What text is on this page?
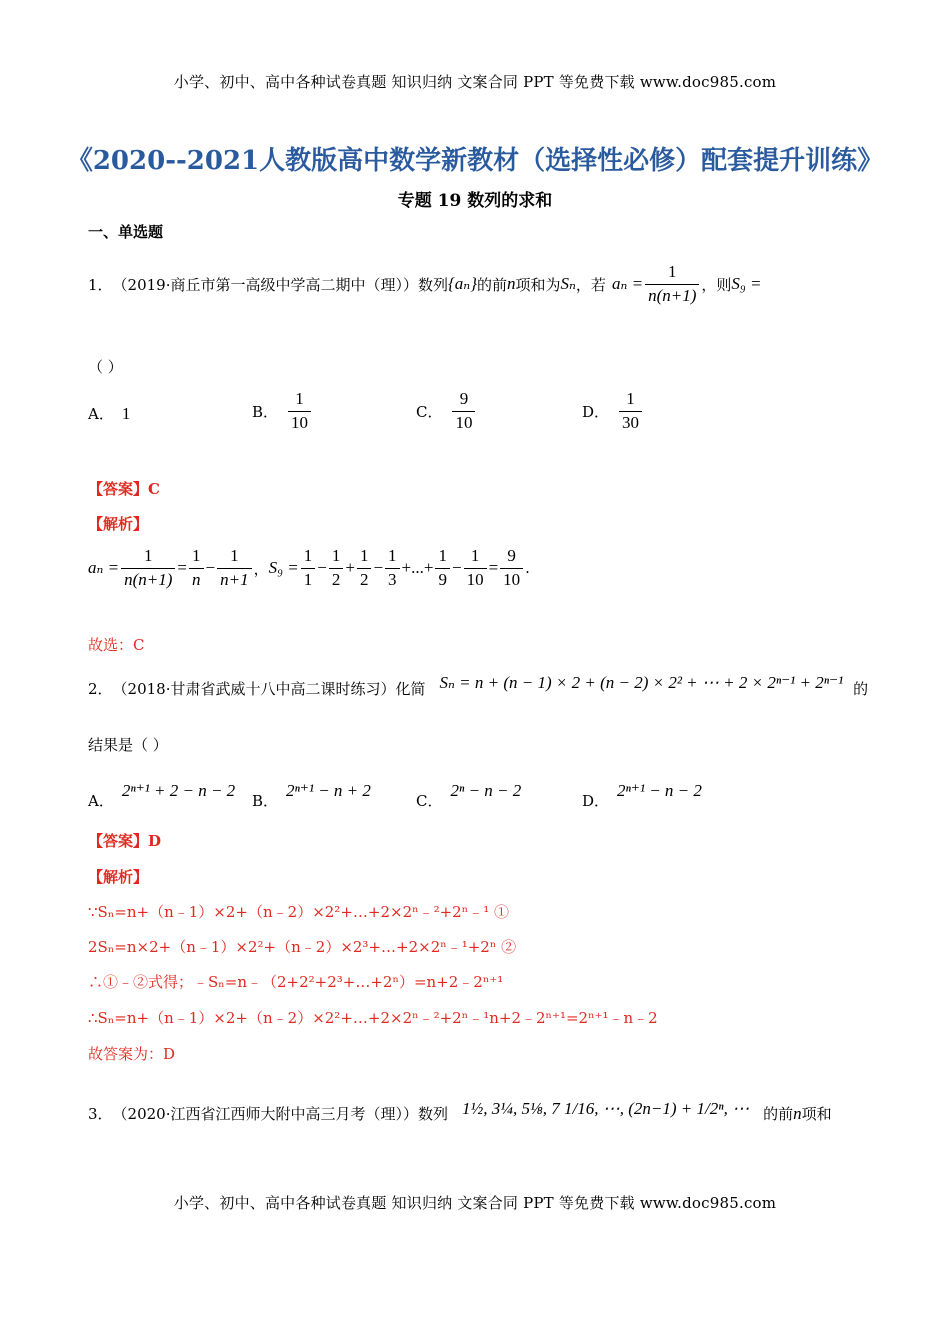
小学、初中、高中各种试卷真题 知识归纳 文案合同 PPT 等免费下载 www.doc985.com
《2020--2021人教版高中数学新教材（选择性必修）配套提升训练》
专题 19 数列的求和
一、单选题
1． （2019·商丘市第一高级中学高二期中（理））数列 {aₙ} 的前 n 项和为 Sₙ ，若 $a_n = \frac{1}{n(n+1)}$ ，则 S₉ =
（ ）
A． 1	B． $\frac{1}{10}$	C． $\frac{9}{10}$	D． $\frac{1}{30}$
【答案】C
【解析】
$a_n = \frac{1}{n(n+1)} = \frac{1}{n} - \frac{1}{n+1}$ ， $S_9 = \frac{1}{1} - \frac{1}{2} + \frac{1}{2} - \frac{1}{3}$ +...+ $\frac{1}{9} - \frac{1}{10} = \frac{9}{10}$ .
故选：C
2． （2018·甘肃省武威十八中高二课时练习）化简 Sₙ = n + (n − 1) × 2 + (n − 2) × 2² + ⋯ + 2 × 2ⁿ⁻¹ + 2ⁿ⁻¹ 的
结果是（ ）
A．
2ⁿ⁺¹ + 2 − n − 2
B．
2ⁿ⁺¹ − n + 2
C．
2ⁿ − n − 2
D．
2ⁿ⁺¹ − n − 2
【答案】D
【解析】
∵Sₙ=n+（n﹣1）×2+（n﹣2）×2²+…+2×2ⁿ﹣²+2ⁿ﹣¹ ①
2Sₙ=n×2+（n﹣1）×2²+（n﹣2）×2³+…+2×2ⁿ﹣¹+2ⁿ ②
∴①﹣②式得；﹣Sₙ=n﹣（2+2²+2³+…+2ⁿ）=n+2﹣2ⁿ⁺¹
∴Sₙ=n+（n﹣1）×2+（n﹣2）×2²+…+2×2ⁿ﹣²+2ⁿ﹣¹n+2﹣2ⁿ⁺¹=2ⁿ⁺¹﹣n﹣2
故答案为：D
3． （2020·江西省江西师大附中高三月考（理））数列 1½, 3¼, 5⅛, 7 1/16, ⋯, (2n−1) + 1/2ⁿ, ⋯ 的前 n 项和
小学、初中、高中各种试卷真题 知识归纳 文案合同 PPT 等免费下载 www.doc985.com
